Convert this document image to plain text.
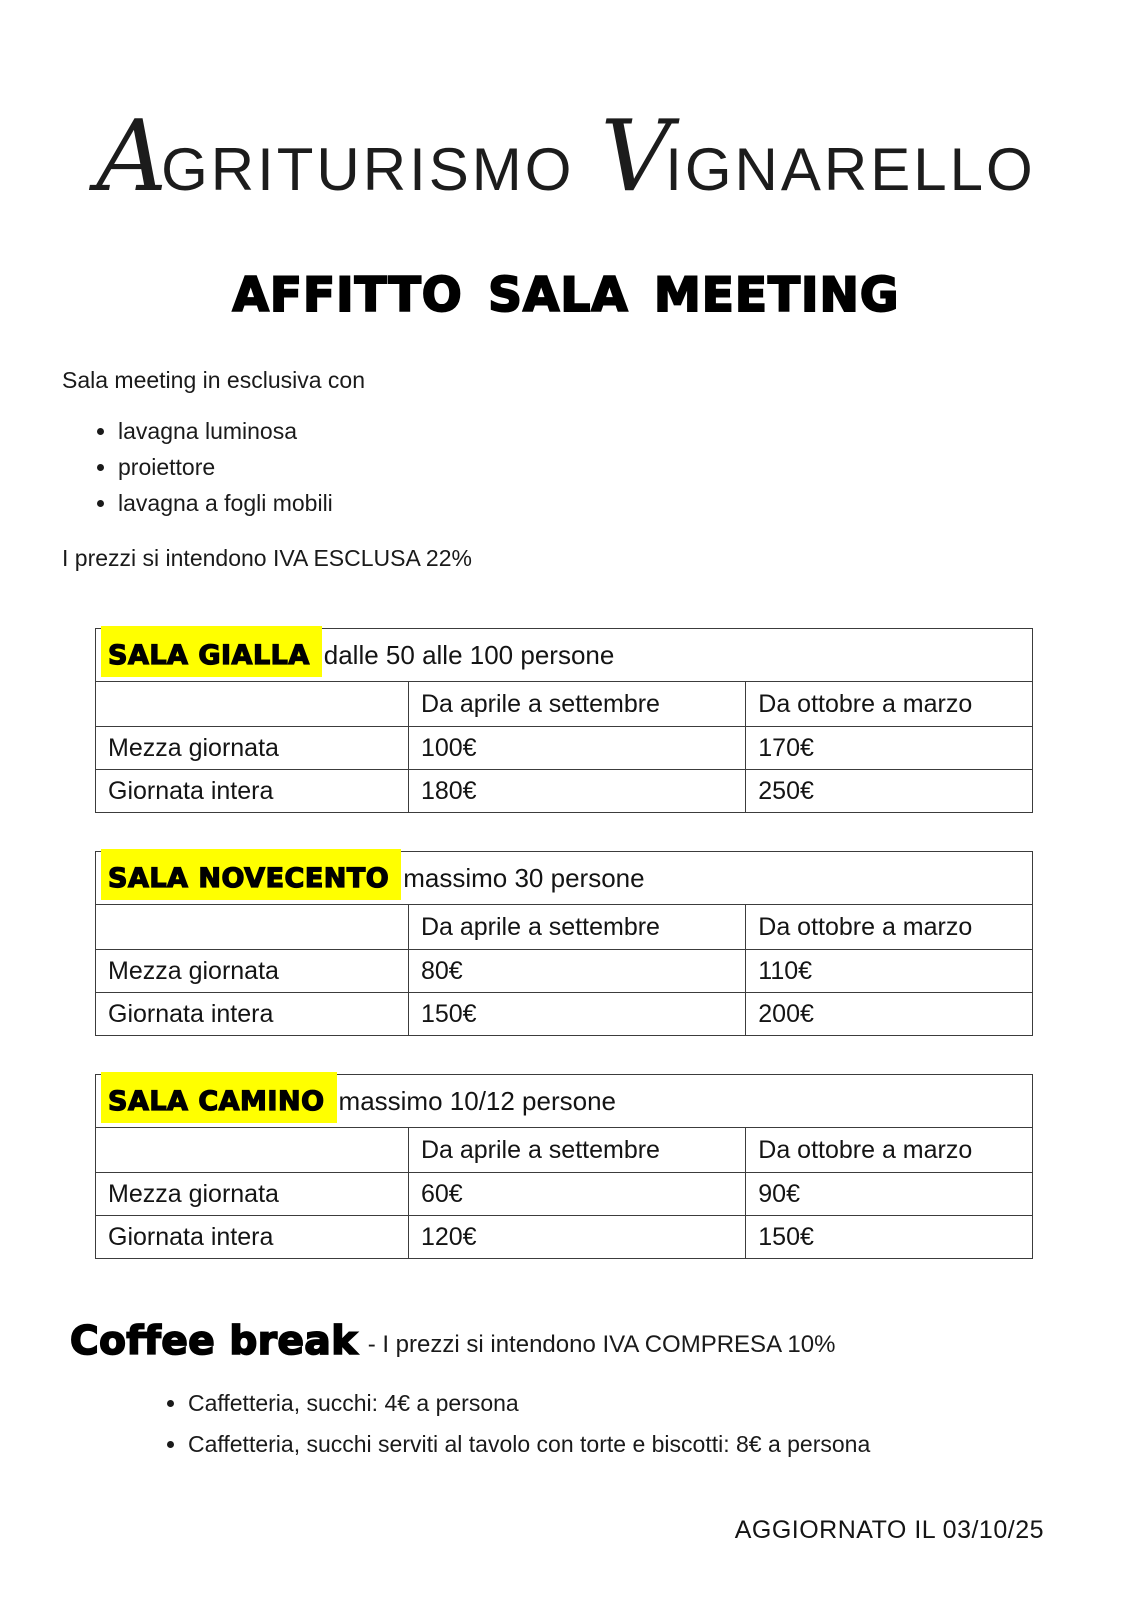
AGRITURISMO VIGNARELLO
AFFITTO SALA MEETING

Sala meeting in esclusiva con

• lavagna luminosa
• proiettore
• lavagna a fogli mobili

I prezzi si intendono IVA ESCLUSA 22%

SALA GIALLA dalle 50 alle 100 persone		
	Da aprile a settembre	Da ottobre a marzo
Mezza giornata	100€	170€
Giornata intera	180€	250€
SALA NOVECENTO massimo 30 persone		
	Da aprile a settembre	Da ottobre a marzo
Mezza giornata	80€	110€
Giornata intera	150€	200€
SALA CAMINO massimo 10/12 persone		
	Da aprile a settembre	Da ottobre a marzo
Mezza giornata	60€	90€
Giornata intera	120€	150€
Coffee break - I prezzi si intendono IVA COMPRESA 10%
• Caffetteria, succhi: 4€ a persona
• Caffetteria, succhi serviti al tavolo con torte e biscotti: 8€ a persona
AGGIORNATO IL 03/10/25
